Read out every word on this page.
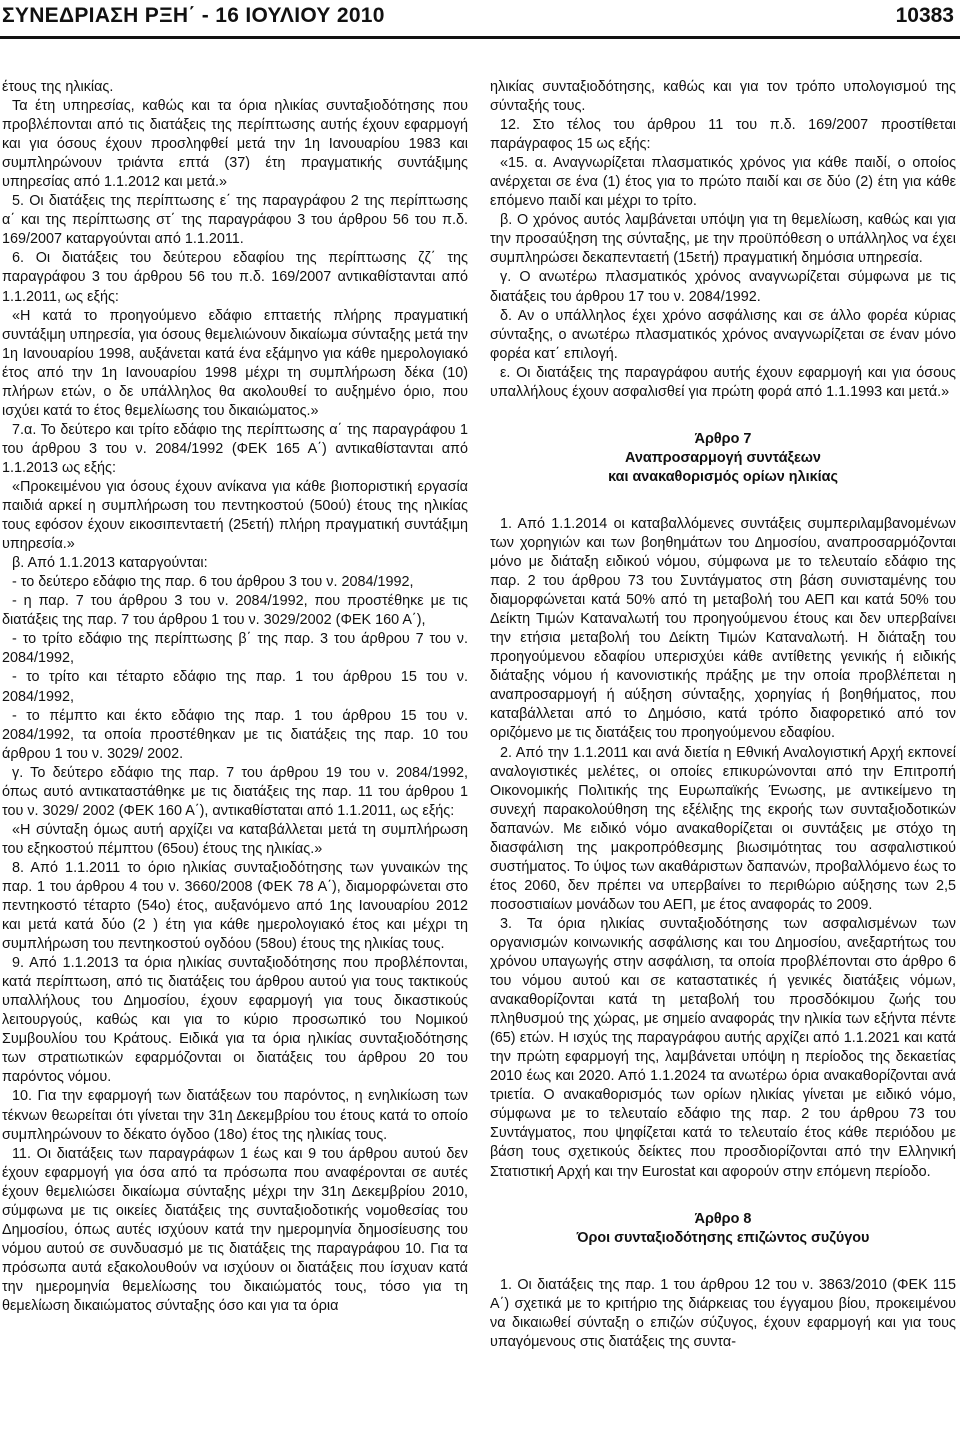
ΣΥΝΕΔΡΙΑΣΗ ΡΞΗ΄ - 16 ΙΟΥΛΙΟΥ 2010	10383

έτους της ηλικίας.

Τα έτη υπηρεσίας, καθώς και τα όρια ηλικίας συνταξιοδότησης που προβλέπονται από τις διατάξεις της περίπτωσης αυτής έχουν εφαρμογή και για όσους έχουν προσληφθεί μετά την 1η Ιανουαρίου 1983 και συμπληρώνουν τριάντα επτά (37) έτη πραγματικής συντάξιμης υπηρεσίας από 1.1.2012 και μετά.»

5. Οι διατάξεις της περίπτωσης ε΄ της παραγράφου 2 της περίπτωσης α΄ και της περίπτωσης στ΄ της παραγράφου 3 του άρθρου 56 του π.δ. 169/2007 καταργούνται από 1.1.2011.

6. Οι διατάξεις του δεύτερου εδαφίου της περίπτωσης ζζ΄ της παραγράφου 3 του άρθρου 56 του π.δ. 169/2007 αντικαθίστανται από 1.1.2011, ως εξής:

«Η κατά το προηγούμενο εδάφιο επταετής πλήρης πραγματική συντάξιμη υπηρεσία, για όσους θεμελιώνουν δικαίωμα σύνταξης μετά την 1η Ιανουαρίου 1998, αυξάνεται κατά ένα εξάμηνο για κάθε ημερολογιακό έτος από την 1η Ιανουαρίου 1998 μέχρι τη συμπλήρωση δέκα (10) πλήρων ετών, ο δε υπάλληλος θα ακολουθεί το αυξημένο όριο, που ισχύει κατά το έτος θεμελίωσης του δικαιώματος.»

7.α. Το δεύτερο και τρίτο εδάφιο της περίπτωσης α΄ της παραγράφου 1 του άρθρου 3 του ν. 2084/1992 (ΦΕΚ 165 Α΄) αντικαθίστανται από 1.1.2013 ως εξής:

«Προκειμένου για όσους έχουν ανίκανα για κάθε βιοποριστική εργασία παιδιά αρκεί η συμπλήρωση του πεντηκοστού (50ού) έτους της ηλικίας τους εφόσον έχουν εικοσιπενταετή (25ετή) πλήρη πραγματική συντάξιμη υπηρεσία.»

β. Από 1.1.2013 καταργούνται:

- το δεύτερο εδάφιο της παρ. 6 του άρθρου 3 του ν. 2084/1992,

- η παρ. 7 του άρθρου 3 του ν. 2084/1992, που προστέθηκε με τις διατάξεις της παρ. 7 του άρθρου 1 του ν. 3029/2002 (ΦΕΚ 160 Α΄),

- το τρίτο εδάφιο της περίπτωσης β΄ της παρ. 3 του άρθρου 7 του ν. 2084/1992,

- το τρίτο και τέταρτο εδάφιο της παρ. 1 του άρθρου 15 του ν. 2084/1992,

- το πέμπτο και έκτο εδάφιο της παρ. 1 του άρθρου 15 του ν. 2084/1992, τα οποία προστέθηκαν με τις διατάξεις της παρ. 10 του άρθρου 1 του ν. 3029/ 2002.

γ. Το δεύτερο εδάφιο της παρ. 7 του άρθρου 19 του ν. 2084/1992, όπως αυτό αντικαταστάθηκε με τις διατάξεις της παρ. 11 του άρθρου 1 του ν. 3029/ 2002 (ΦΕΚ 160 Α΄), αντικαθίσταται από 1.1.2011, ως εξής:

«Η σύνταξη όμως αυτή αρχίζει να καταβάλλεται μετά τη συμπλήρωση του εξηκοστού πέμπτου (65ου) έτους της ηλικίας.»

8. Από 1.1.2011 το όριο ηλικίας συνταξιοδότησης των γυναικών της παρ. 1 του άρθρου 4 του ν. 3660/2008 (ΦΕΚ 78 Α΄), διαμορφώνεται στο πεντηκοστό τέταρτο (54ο) έτος, αυξανόμενο από 1ης Ιανουαρίου 2012 και μετά κατά δύο (2 ) έτη για κάθε ημερολογιακό έτος και μέχρι τη συμπλήρωση του πεντηκοστού ογδόου (58ου) έτους της ηλικίας τους.

9. Από 1.1.2013 τα όρια ηλικίας συνταξιοδότησης που προβλέπονται, κατά περίπτωση, από τις διατάξεις του άρθρου αυτού για τους τακτικούς υπαλλήλους του Δημοσίου, έχουν εφαρμογή για τους δικαστικούς λειτουργούς, καθώς και για το κύριο προσωπικό του Νομικού Συμβουλίου του Κράτους. Ειδικά για τα όρια ηλικίας συνταξιοδότησης των στρατιωτικών εφαρμόζονται οι διατάξεις του άρθρου 20 του παρόντος νόμου.

10. Για την εφαρμογή των διατάξεων του παρόντος, η ενηλικίωση των τέκνων θεωρείται ότι γίνεται την 31η Δεκεμβρίου του έτους κατά το οποίο συμπληρώνουν το δέκατο όγδοο (18ο) έτος της ηλικίας τους.

11. Οι διατάξεις των παραγράφων 1 έως και 9 του άρθρου αυτού δεν έχουν εφαρμογή για όσα από τα πρόσωπα που αναφέρονται σε αυτές έχουν θεμελιώσει δικαίωμα σύνταξης μέχρι την 31η Δεκεμβρίου 2010, σύμφωνα με τις οικείες διατάξεις της συνταξιοδοτικής νομοθεσίας του Δημοσίου, όπως αυτές ισχύουν κατά την ημερομηνία δημοσίευσης του νόμου αυτού σε συνδυασμό με τις διατάξεις της παραγράφου 10. Για τα πρόσωπα αυτά εξακολουθούν να ισχύουν οι διατάξεις που ίσχυαν κατά την ημερομηνία θεμελίωσης του δικαιώματός τους, τόσο για τη θεμελίωση δικαιώματος σύνταξης όσο και για τα όρια

ηλικίας συνταξιοδότησης, καθώς και για τον τρόπο υπολογισμού της σύνταξής τους.

12. Στο τέλος του άρθρου 11 του π.δ. 169/2007 προστίθεται παράγραφος 15 ως εξής:

«15. α. Αναγνωρίζεται πλασματικός χρόνος για κάθε παιδί, ο οποίος ανέρχεται σε ένα (1) έτος για το πρώτο παιδί και σε δύο (2) έτη για κάθε επόμενο παιδί και μέχρι το τρίτο.

β. Ο χρόνος αυτός λαμβάνεται υπόψη για τη θεμελίωση, καθώς και για την προσαύξηση της σύνταξης, με την προϋπόθεση ο υπάλληλος να έχει συμπληρώσει δεκαπενταετή (15ετή) πραγματική δημόσια υπηρεσία.

γ. Ο ανωτέρω πλασματικός χρόνος αναγνωρίζεται σύμφωνα με τις διατάξεις του άρθρου 17 του ν. 2084/1992.

δ. Αν ο υπάλληλος έχει χρόνο ασφάλισης και σε άλλο φορέα κύριας σύνταξης, ο ανωτέρω πλασματικός χρόνος αναγνωρίζεται σε έναν μόνο φορέα κατ΄ επιλογή.

ε. Οι διατάξεις της παραγράφου αυτής έχουν εφαρμογή και για όσους υπαλλήλους έχουν ασφαλισθεί για πρώτη φορά από 1.1.1993 και μετά.»

Άρθρο 7

Αναπροσαρμογή συντάξεων

και ανακαθορισμός ορίων ηλικίας

1. Από 1.1.2014 οι καταβαλλόμενες συντάξεις συμπεριλαμβανομένων των χορηγιών και των βοηθημάτων του Δημοσίου, αναπροσαρμόζονται μόνο με διάταξη ειδικού νόμου, σύμφωνα με το τελευταίο εδάφιο της παρ. 2 του άρθρου 73 του Συντάγματος στη βάση συνισταμένης του διαμορφώνεται κατά 50% από τη μεταβολή του ΑΕΠ και κατά 50% του Δείκτη Τιμών Καταναλωτή του προηγούμενου έτους και δεν υπερβαίνει την ετήσια μεταβολή του Δείκτη Τιμών Καταναλωτή. Η διάταξη του προηγούμενου εδαφίου υπερισχύει κάθε αντίθετης γενικής ή ειδικής διάταξης νόμου ή κανονιστικής πράξης με την οποία προβλέπεται η αναπροσαρμογή ή αύξηση σύνταξης, χορηγίας ή βοηθήματος, που καταβάλλεται από το Δημόσιο, κατά τρόπο διαφορετικό από τον οριζόμενο με τις διατάξεις του προηγούμενου εδαφίου.

2. Από την 1.1.2011 και ανά διετία η Εθνική Αναλογιστική Αρχή εκπονεί αναλογιστικές μελέτες, οι οποίες επικυρώνονται από την Επιτροπή Οικονομικής Πολιτικής της Ευρωπαϊκής Ένωσης, με αντικείμενο τη συνεχή παρακολούθηση της εξέλιξης της εκροής των συνταξιοδοτικών δαπανών. Με ειδικό νόμο ανακαθορίζεται οι συντάξεις με στόχο τη διασφάλιση της μακροπρόθεσμης βιωσιμότητας του ασφαλιστικού συστήματος. Το ύψος των ακαθάριστων δαπανών, προβαλλόμενο έως το έτος 2060, δεν πρέπει να υπερβαίνει το περιθώριο αύξησης των 2,5 ποσοστιαίων μονάδων του ΑΕΠ, με έτος αναφοράς το 2009.

3. Τα όρια ηλικίας συνταξιοδότησης των ασφαλισμένων των οργανισμών κοινωνικής ασφάλισης και του Δημοσίου, ανεξαρτήτως του χρόνου υπαγωγής στην ασφάλιση, τα οποία προβλέπονται στο άρθρο 6 του νόμου αυτού και σε καταστατικές ή γενικές διατάξεις νόμων, ανακαθορίζονται κατά τη μεταβολή του προσδόκιμου ζωής του πληθυσμού της χώρας, με σημείο αναφοράς την ηλικία των εξήντα πέντε (65) ετών. Η ισχύς της παραγράφου αυτής αρχίζει από 1.1.2021 και κατά την πρώτη εφαρμογή της, λαμβάνεται υπόψη η περίοδος της δεκαετίας 2010 έως και 2020. Από 1.1.2024 τα ανωτέρω όρια ανακαθορίζονται ανά τριετία. Ο ανακαθορισμός των ορίων ηλικίας γίνεται με ειδικό νόμο, σύμφωνα με το τελευταίο εδάφιο της παρ. 2 του άρθρου 73 του Συντάγματος, που ψηφίζεται κατά το τελευταίο έτος κάθε περιόδου με βάση τους σχετικούς δείκτες που προσδιορίζονται από την Ελληνική Στατιστική Αρχή και την Eurostat και αφορούν στην επόμενη περίοδο.

Άρθρο 8

Όροι συνταξιοδότησης επιζώντος συζύγου

1. Οι διατάξεις της παρ. 1 του άρθρου 12 του ν. 3863/2010 (ΦΕΚ 115 Α΄) σχετικά με το κριτήριο της διάρκειας του έγγαμου βίου, προκειμένου να δικαιωθεί σύνταξη ο επιζών σύζυγος, έχουν εφαρμογή και για τους υπαγόμενους στις διατάξεις της συντα-
